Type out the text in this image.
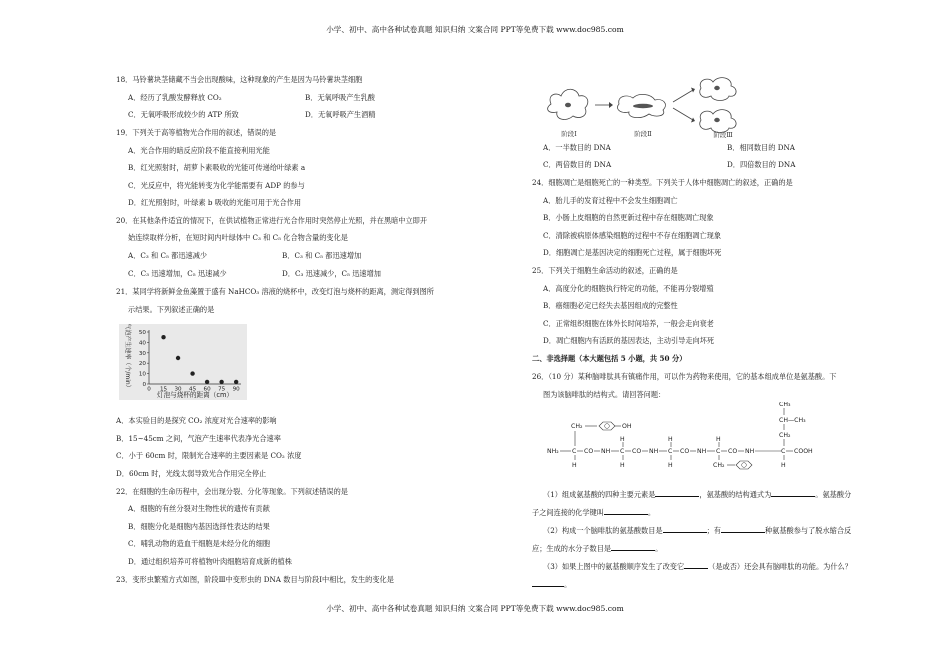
小学、初中、高中各种试卷真题 知识归纳 文案合同 PPT等免费下载 www.doc985.com
18．马铃薯块茎储藏不当会出现酸味，这种现象的产生是因为马铃薯块茎细胞
A．经历了乳酸发酵释放 CO₂	B．无氧呼吸产生乳酸
C．无氧呼吸形成较少的 ATP 所致	D．无氧呼吸产生酒精
19．下列关于高等植物光合作用的叙述，错误的是
A．光合作用的暗反应阶段不能直接利用光能
B．红光照射时，胡萝卜素吸收的光能可传递给叶绿素 a
C．光反应中，将光能转变为化学能需要有 ADP 的参与
D．红光照射时，叶绿素 b 吸收的光能可用于光合作用
20．在其他条件适宜的情况下，在供试植物正常进行光合作用时突然停止光照，并在黑暗中立即开
始连续取样分析，在短时间内叶绿体中 C₃ 和 C₅ 化合物含量的变化是
A．C₃ 和 C₅ 都迅速减少	B．C₃ 和 C₅ 都迅速增加
C．C₃ 迅速增加，C₅ 迅速减少	D．C₃ 迅速减少，C₅ 迅速增加
21．某同学将新鲜金鱼藻置于盛有 NaHCO₃ 溶液的烧杯中，改变灯泡与烧杯的距离，测定得到图所
示结果。下列叙述正确的是
0
10
20
30
40
50
0 15 30 45 60 75 90
灯泡与烧杯的距离（cm）
气泡产生速率（个/min）
A．本实验目的是探究 CO₂ 浓度对光合速率的影响
B．15~45cm 之间，气泡产生速率代表净光合速率
C．小于 60cm 时，限制光合速率的主要因素是 CO₂ 浓度
D．60cm 时，光线太弱导致光合作用完全停止
22．在细胞的生命历程中，会出现分裂、分化等现象。下列叙述错误的是
A．细胞的有丝分裂对生物性状的遗传有贡献
B．细胞分化是细胞内基因选择性表达的结果
C．哺乳动物的造血干细胞是未经分化的细胞
D．通过组织培养可将植物叶肉细胞培育成新的植株
23．变形虫繁殖方式如图，阶段Ⅲ中变形虫的 DNA 数目与阶段Ⅰ中相比，发生的变化是
阶段Ⅰ	阶段Ⅱ	阶段Ⅲ
A．一半数目的 DNA	B．相同数目的 DNA
C．两倍数目的 DNA	D．四倍数目的 DNA
24．细胞凋亡是细胞死亡的一种类型。下列关于人体中细胞凋亡的叙述，正确的是
A．胎儿手的发育过程中不会发生细胞凋亡
B．小肠上皮细胞的自然更新过程中存在细胞凋亡现象
C．清除被病原体感染细胞的过程中不存在细胞凋亡现象
D．细胞凋亡是基因决定的细胞死亡过程，属于细胞坏死
25．下列关于细胞生命活动的叙述，正确的是
A．高度分化的细胞执行特定的功能，不能再分裂增殖
B．癌细胞必定已经失去基因组成的完整性
C．正常组织细胞在体外长时间培养，一般会走向衰老
D．凋亡细胞内有活跃的基因表达，主动引导走向坏死
二、非选择题（本大题包括 5 小题，共 50 分）
26．（10 分）某种脑啡肽具有镇痛作用，可以作为药物来使用，它的基本组成单位是氨基酸。下
图为该脑啡肽的结构式。请回答问题：
CH₂	OH
CH₃
CH—CH₃
CH₂
NH₂ C CO NH C CO NH C CO NH C CO NH	C COOH
H	H
H
H
H	H
H
CH₂
（1）组成氨基酸的四种主要元素是	，氨基酸的结构通式为	。氨基酸分
子之间连接的化学键叫	。
（2）构成一个脑啡肽的氨基酸数目是	；有	种氨基酸参与了脱水缩合反
应；生成的水分子数目是	。
（3）如果上图中的氨基酸顺序发生了改变它	（是或否）还会具有脑啡肽的功能。为什么？
。
小学、初中、高中各种试卷真题 知识归纳 文案合同 PPT等免费下载 www.doc985.com
